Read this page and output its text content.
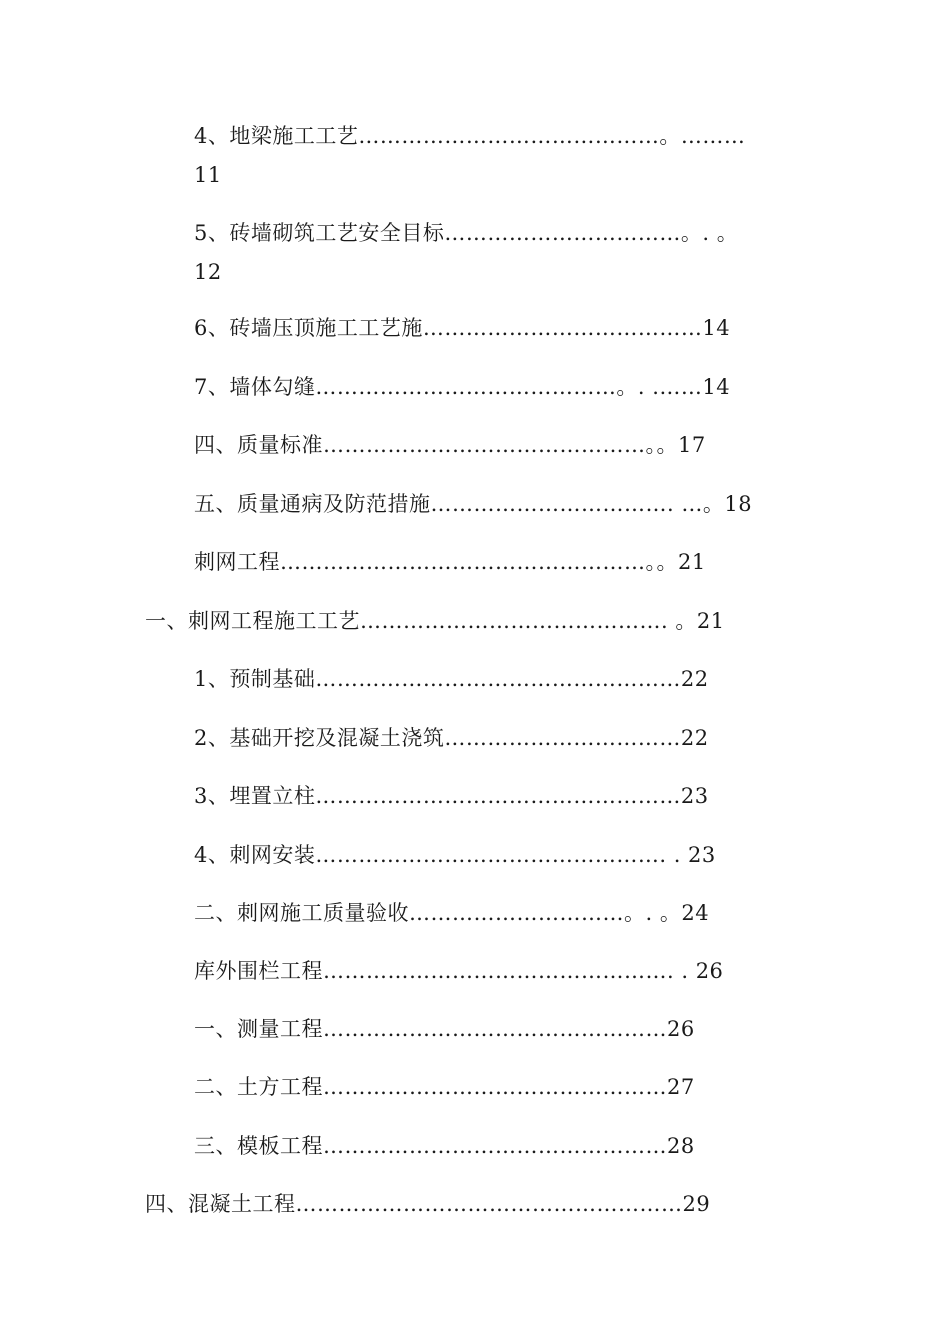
4、地梁施工工艺……………………………………。………
11
5、砖墙砌筑工艺安全目标……………………………。. 。
12
6、砖墙压顶施工工艺施…………………………………14
7、墙体勾缝……………………………………。. .……14
四、质量标准………………………………………。。17
五、质量通病及防范措施……………………………. …。18
刺网工程……………………………………………。。21
一、刺网工程施工工艺……………………………………. 。21
1、预制基础……………………………………………22
2、基础开挖及混凝土浇筑……………………………22
3、埋置立柱……………………………………………23
4、刺网安装…………………………………………. . 23
二、刺网施工质量验收…………………………。. 。24
库外围栏工程…………………………………………. . 26
一、测量工程…………………………………………26
二、土方工程…………………………………………27
三、模板工程…………………………………………28
四、混凝土工程………………………………………………29
